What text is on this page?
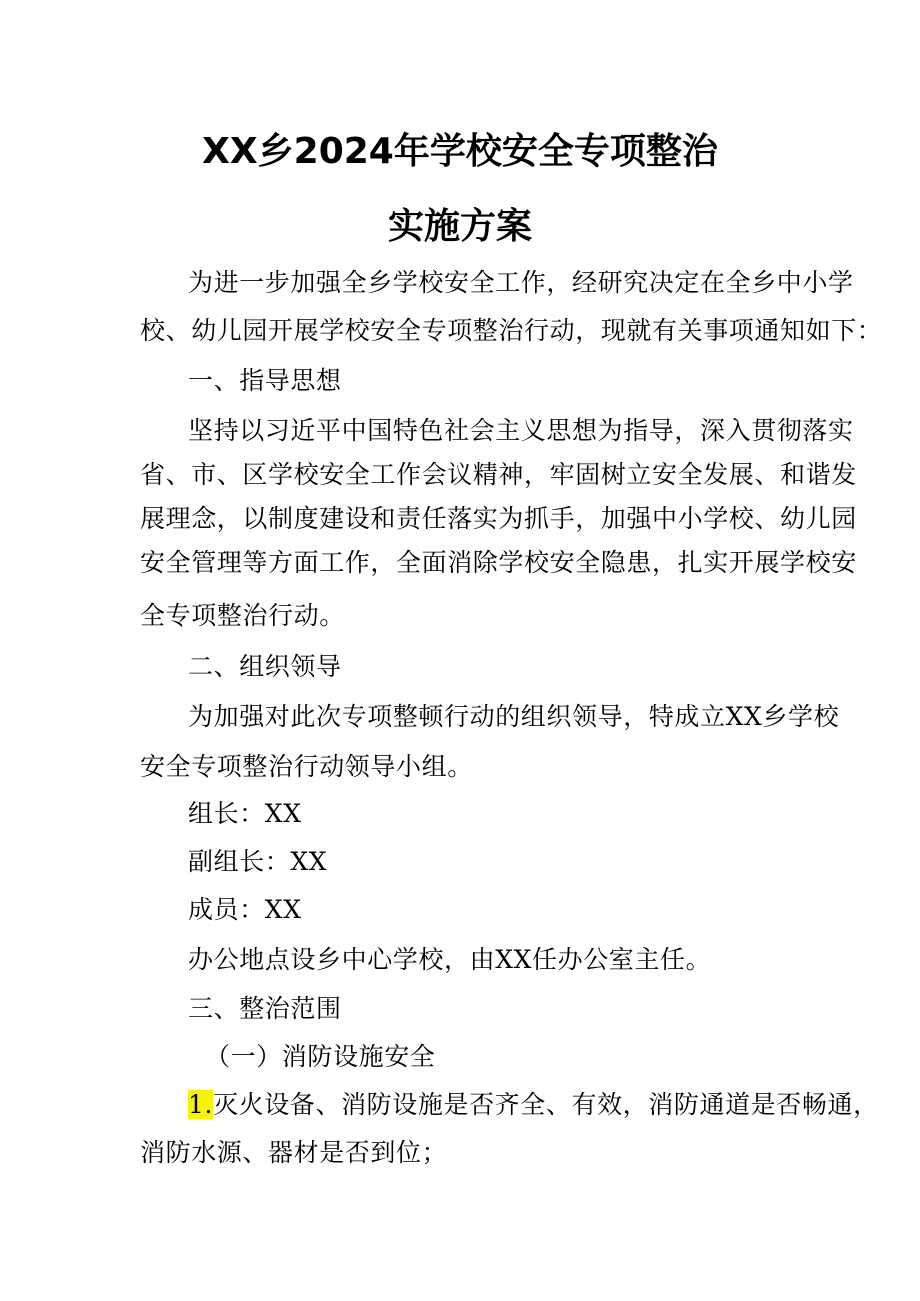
XX乡2024年学校安全专项整治
实施方案
为进一步加强全乡学校安全工作，经研究决定在全乡中小学
校、幼儿园开展学校安全专项整治行动，现就有关事项通知如下：
一、指导思想
坚持以习近平中国特色社会主义思想为指导，深入贯彻落实
省、市、区学校安全工作会议精神，牢固树立安全发展、和谐发
展理念，以制度建设和责任落实为抓手，加强中小学校、幼儿园
安全管理等方面工作，全面消除学校安全隐患，扎实开展学校安
全专项整治行动。
二、组织领导
为加强对此次专项整顿行动的组织领导，特成立XX乡学校
安全专项整治行动领导小组。
组长：XX
副组长：XX
成员：XX
办公地点设乡中心学校，由XX任办公室主任。
三、整治范围
（一）消防设施安全
1.灭火设备、消防设施是否齐全、有效，消防通道是否畅通，
消防水源、器材是否到位；
